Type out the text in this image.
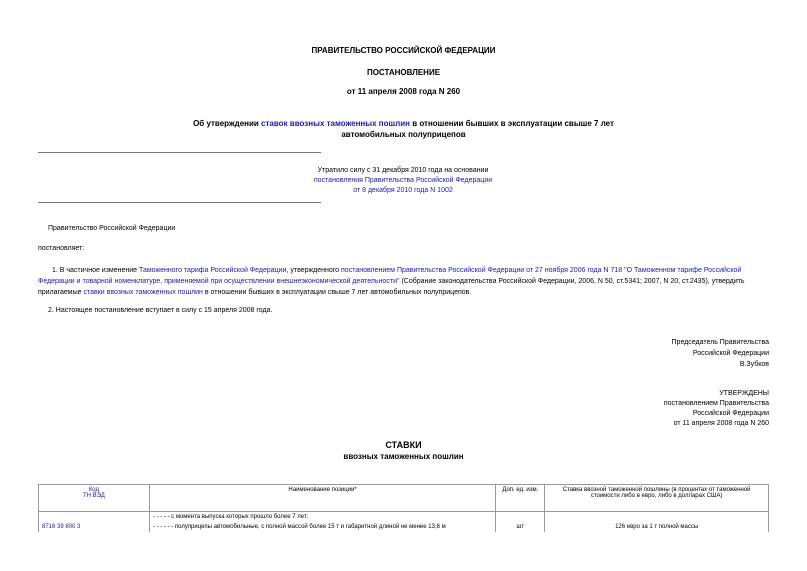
ПРАВИТЕЛЬСТВО РОССИЙСКОЙ ФЕДЕРАЦИИ
ПОСТАНОВЛЕНИЕ
от 11 апреля 2008 года N 260
Об утверждении ставок ввозных таможенных пошлин в отношении бывших в эксплуатации свыше 7 лет
автомобильных полуприцепов
Утратило силу с 31 декабря 2010 года на основании
постановления Правительства Российской Федерации
от 8 декабря 2010 года N 1002
Правительство Российской Федерации
постановляет:
1. В частичное изменение Таможенного тарифа Российской Федерации, утвержденного постановлением Правительства Российской Федерации от 27 ноября 2006 года N 718 "О Таможенном тарифе Российской Федерации и товарной номенклатуре, применяемой при осуществлении внешнеэкономической деятельности" (Собрание законодательства Российской Федерации, 2006, N 50, ст.5341; 2007, N 20, ст.2435), утвердить прилагаемые ставки ввозных таможенных пошлин в отношении бывших в эксплуатации свыше 7 лет автомобильных полуприцепов.
2. Настоящее постановление вступает в силу с 15 апреля 2008 года.
Председатель Правительства
Российской Федерации
В.Зубков
УТВЕРЖДЕНЫ
постановлением Правительства
Российской Федерации
от 11 апреля 2008 года N 260
СТАВКИ
ввозных таможенных пошлин
Код
ТН ВЭД	Наименование позиции*	Доп. ед. изм.	Ставка ввозной таможенной пошлины (в процентах от таможенной стоимости либо в евро, либо в долларах США)
	- - - - - с момента выпуска которых прошло более 7 лет:		
8716 39 800 3	- - - - - - полуприцепы автомобильные, с полной массой более 15 т и габаритной длиной не менее 13,6 м	шт	126 евро за 1 т полной массы
